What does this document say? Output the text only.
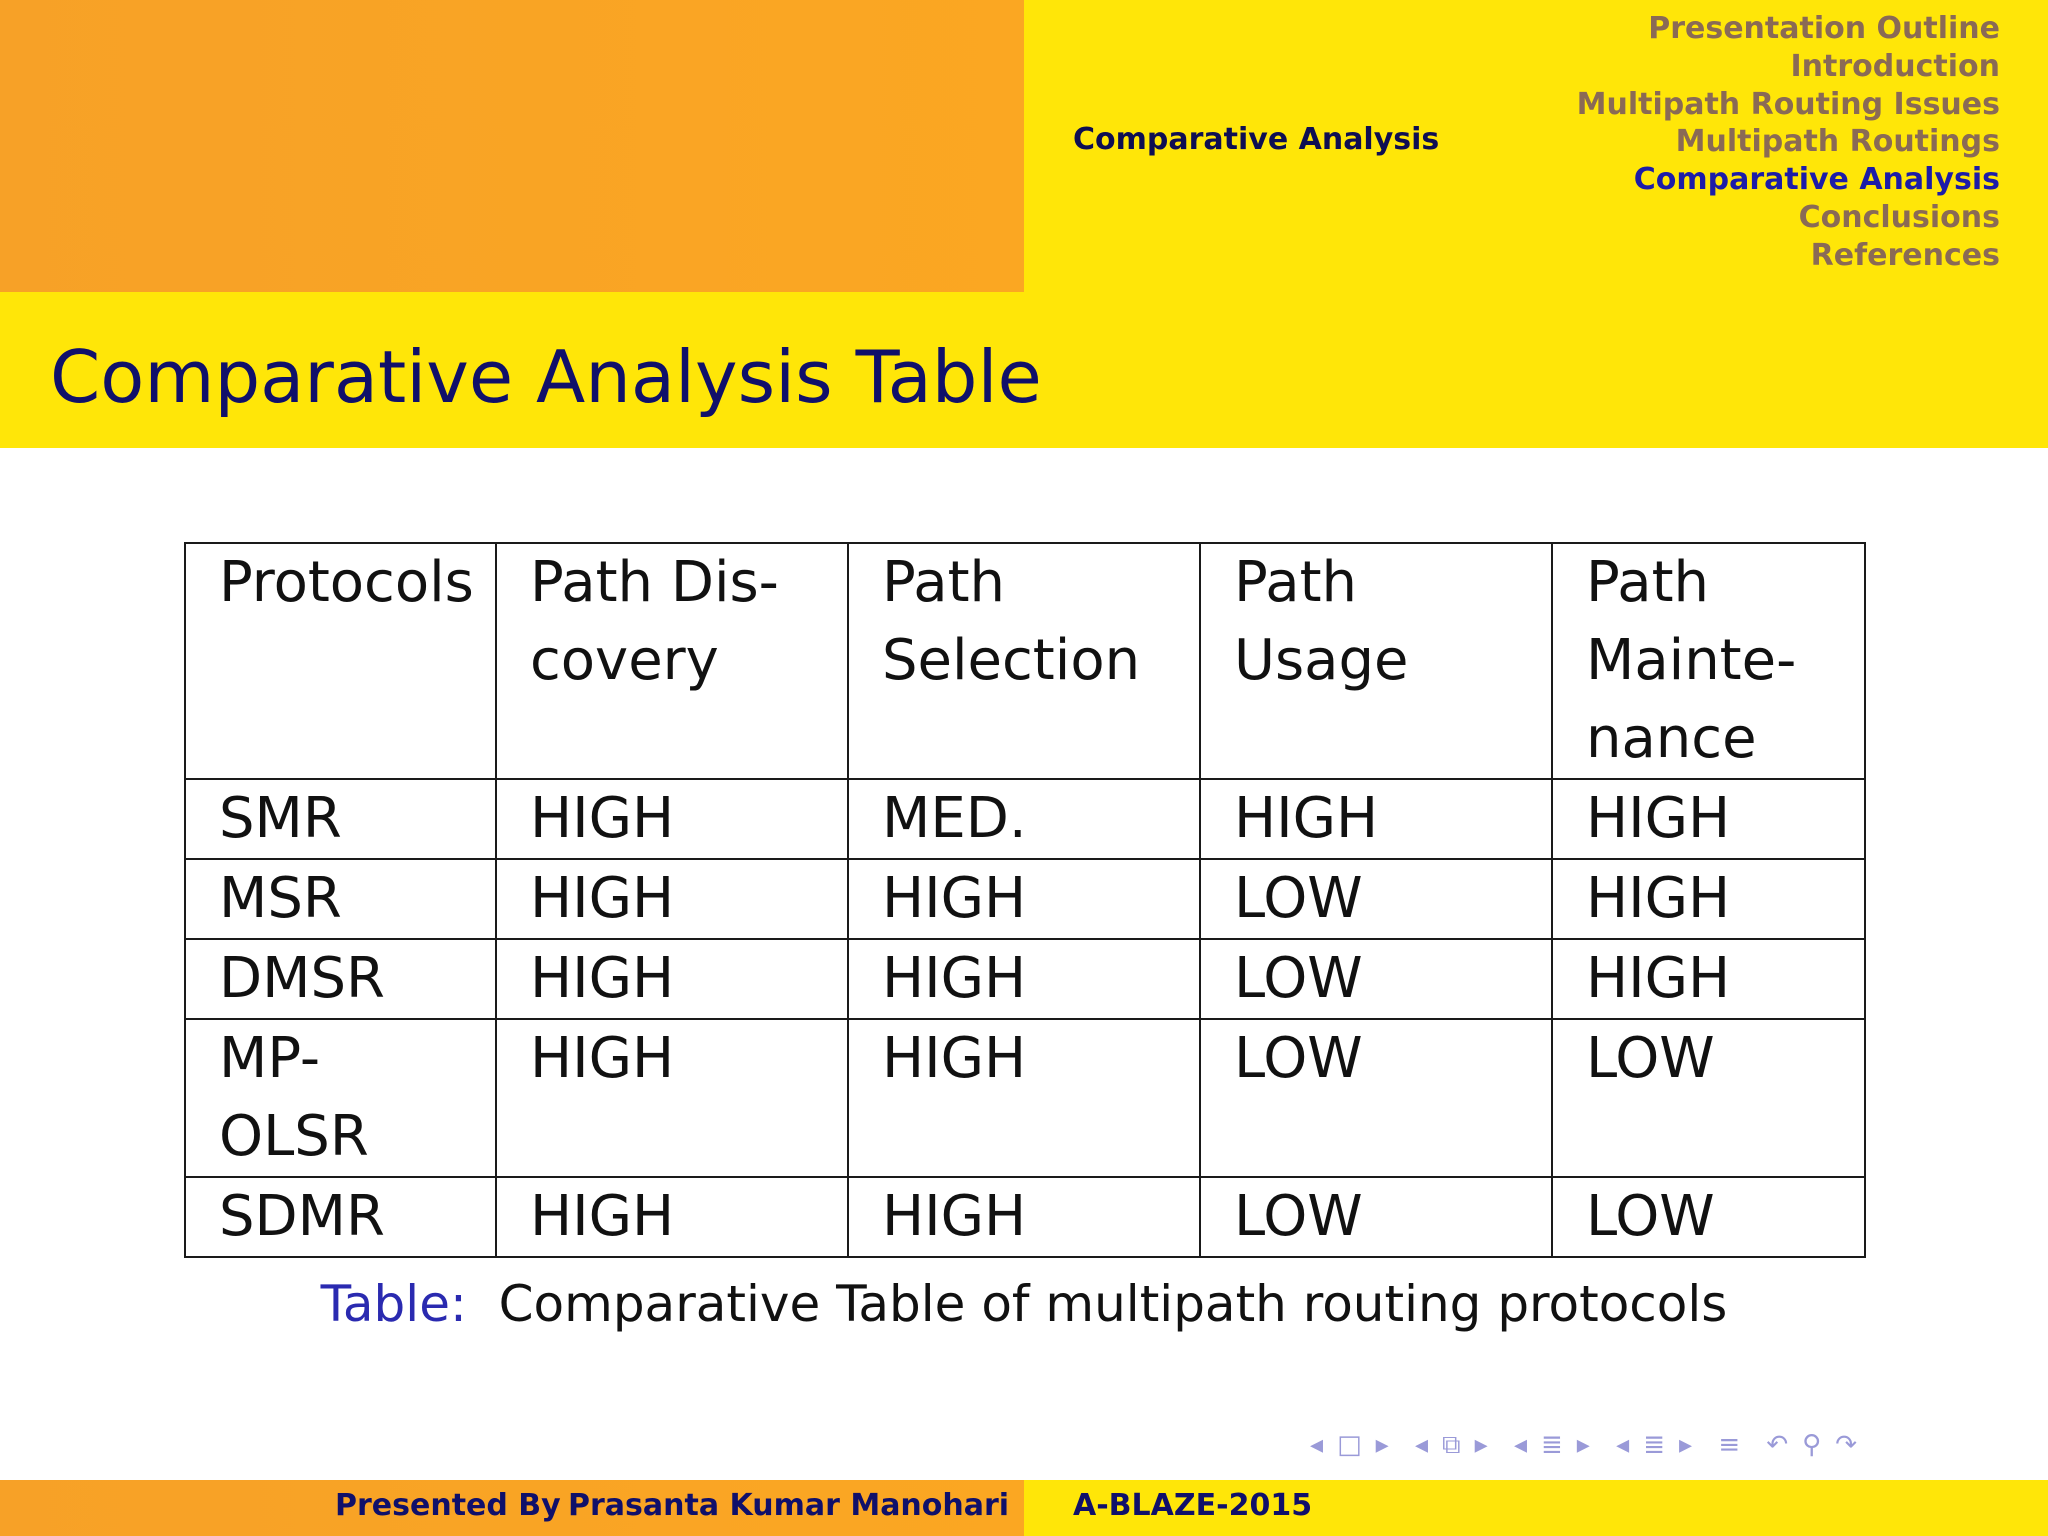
Presentation Outline
Introduction
Multipath Routing Issues
Multipath Routings
Comparative Analysis
Conclusions
References
Comparative Analysis
Comparative Analysis Table
Protocols	Path Dis- covery	Path Selection	Path Usage	Path Mainte- nance
SMR	HIGH	MED.	HIGH	HIGH
MSR	HIGH	HIGH	LOW	HIGH
DMSR	HIGH	HIGH	LOW	HIGH
MP- OLSR	HIGH	HIGH	LOW	LOW
SDMR	HIGH	HIGH	LOW	LOW
Table: Comparative Table of multipath routing protocols
◂ □ ▸ ◂ ⧉ ▸ ◂ ≣ ▸ ◂ ≣ ▸ ≡ ↶ ⚲ ↷
Presented By Prasanta Kumar Manohari A-BLAZE-2015
